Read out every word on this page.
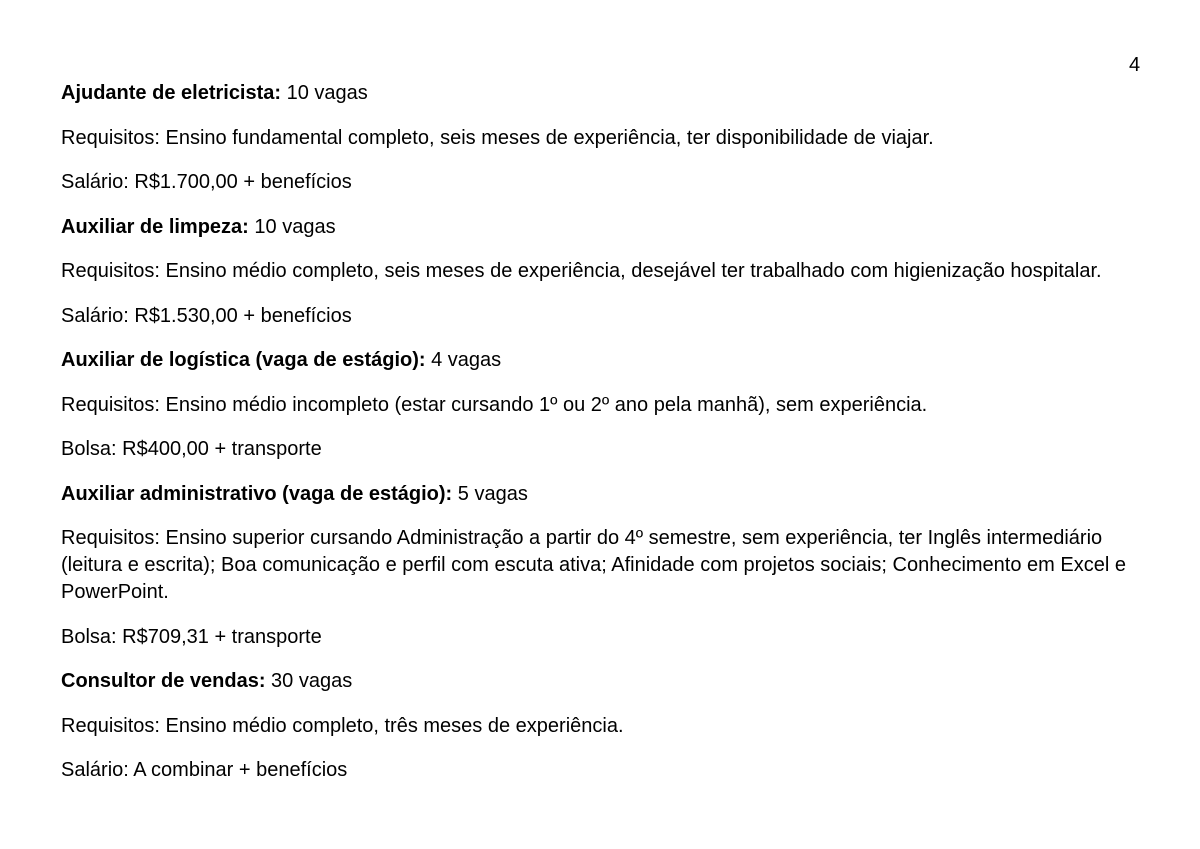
4

Ajudante de eletricista: 10 vagas

Requisitos: Ensino fundamental completo, seis meses de experiência, ter disponibilidade de viajar.

Salário: R$1.700,00 + benefícios

Auxiliar de limpeza: 10 vagas

Requisitos: Ensino médio completo, seis meses de experiência, desejável ter trabalhado com higienização hospitalar.

Salário: R$1.530,00 + benefícios

Auxiliar de logística (vaga de estágio): 4 vagas

Requisitos: Ensino médio incompleto (estar cursando 1º ou 2º ano pela manhã), sem experiência.

Bolsa: R$400,00 + transporte

Auxiliar administrativo (vaga de estágio): 5 vagas

Requisitos: Ensino superior cursando Administração a partir do 4º semestre, sem experiência, ter Inglês intermediário (leitura e escrita); Boa comunicação e perfil com escuta ativa; Afinidade com projetos sociais; Conhecimento em Excel e PowerPoint.

Bolsa: R$709,31 + transporte

Consultor de vendas: 30 vagas

Requisitos: Ensino médio completo, três meses de experiência.

Salário: A combinar + benefícios
